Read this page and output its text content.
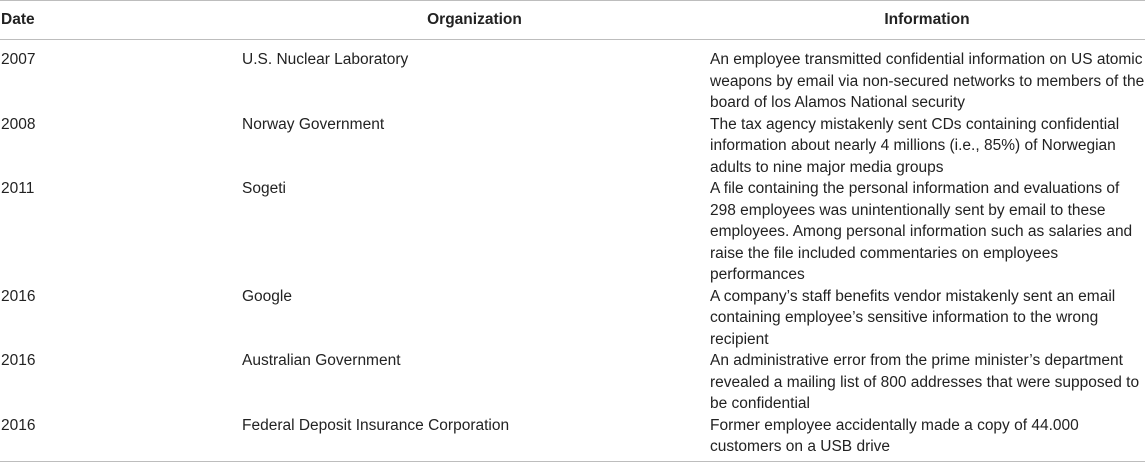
Date	Organization	Information
2007	U.S. Nuclear Laboratory	An employee transmitted confidential information on US atomic weapons by email via non-secured networks to members of the board of los Alamos National security
2008	Norway Government	The tax agency mistakenly sent CDs containing confidential information about nearly 4 millions (i.e., 85%) of Norwegian adults to nine major media groups
2011	Sogeti	A file containing the personal information and evaluations of 298 employees was unintentionally sent by email to these employees. Among personal information such as salaries and raise the file included commentaries on employees performances
2016	Google	A company’s staff benefits vendor mistakenly sent an email containing employee’s sensitive information to the wrong recipient
2016	Australian Government	An administrative error from the prime minister’s department revealed a mailing list of 800 addresses that were supposed to be confidential
2016	Federal Deposit Insurance Corporation	Former employee accidentally made a copy of 44.000 customers on a USB drive
